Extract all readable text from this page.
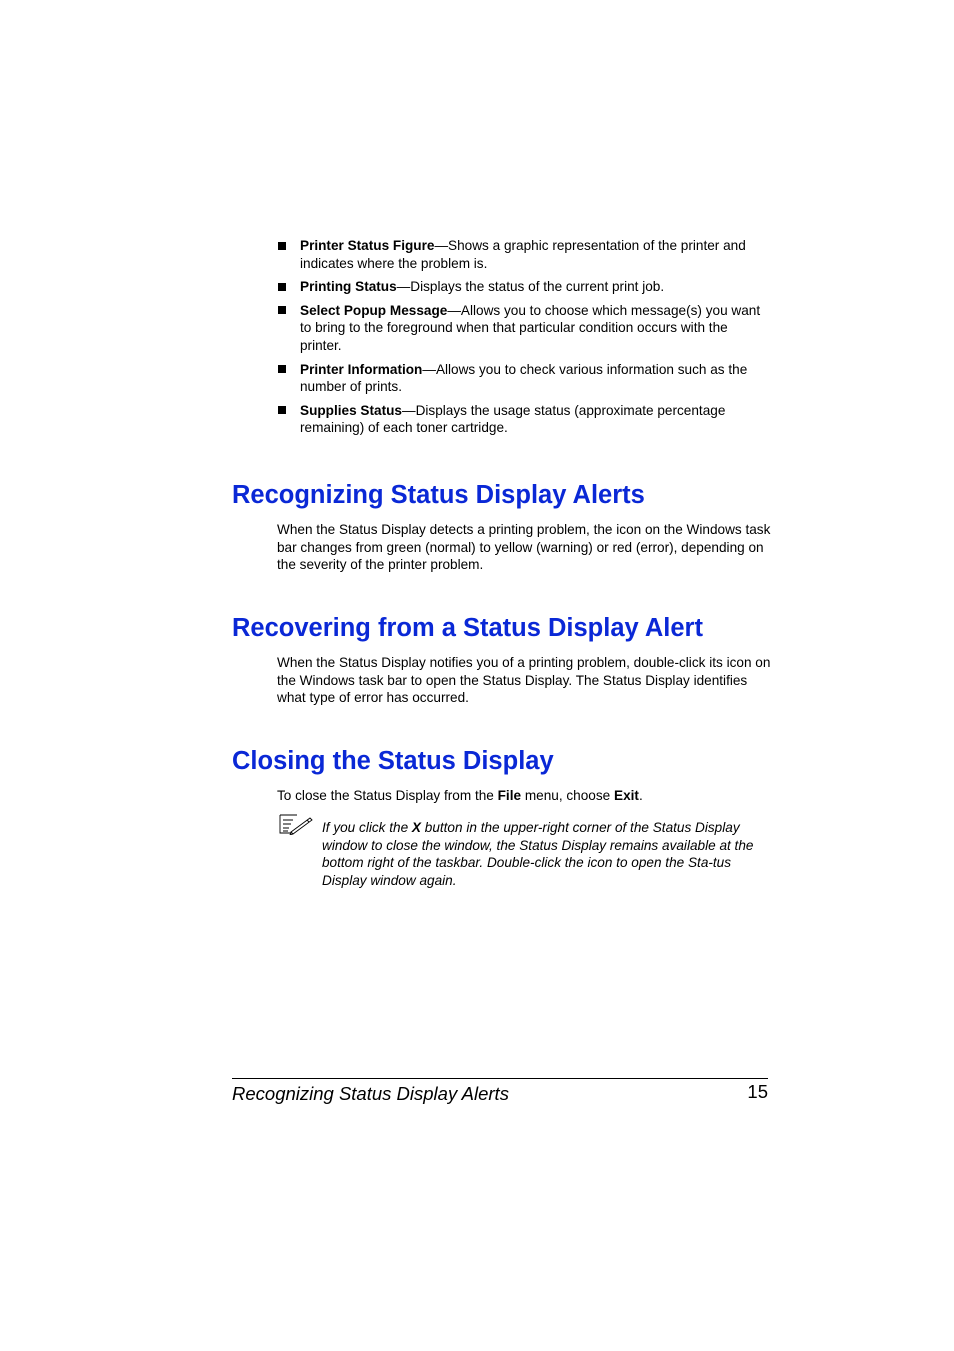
Printer Status Figure—Shows a graphic representation of the printer and indicates where the problem is.
Printing Status—Displays the status of the current print job.
Select Popup Message—Allows you to choose which message(s) you want to bring to the foreground when that particular condition occurs with the printer.
Printer Information—Allows you to check various information such as the number of prints.
Supplies Status—Displays the usage status (approximate percentage remaining) of each toner cartridge.
Recognizing Status Display Alerts

When the Status Display detects a printing problem, the icon on the Windows task bar changes from green (normal) to yellow (warning) or red (error), depending on the severity of the printer problem.

Recovering from a Status Display Alert

When the Status Display notifies you of a printing problem, double-click its icon on the Windows task bar to open the Status Display. The Status Display identifies what type of error has occurred.

Closing the Status Display

To close the Status Display from the File menu, choose Exit.

If you click the X button in the upper-right corner of the Status Display window to close the window, the Status Display remains available at the bottom right of the taskbar. Double-click the icon to open the Sta-tus Display window again.

Recognizing Status Display Alerts	15
